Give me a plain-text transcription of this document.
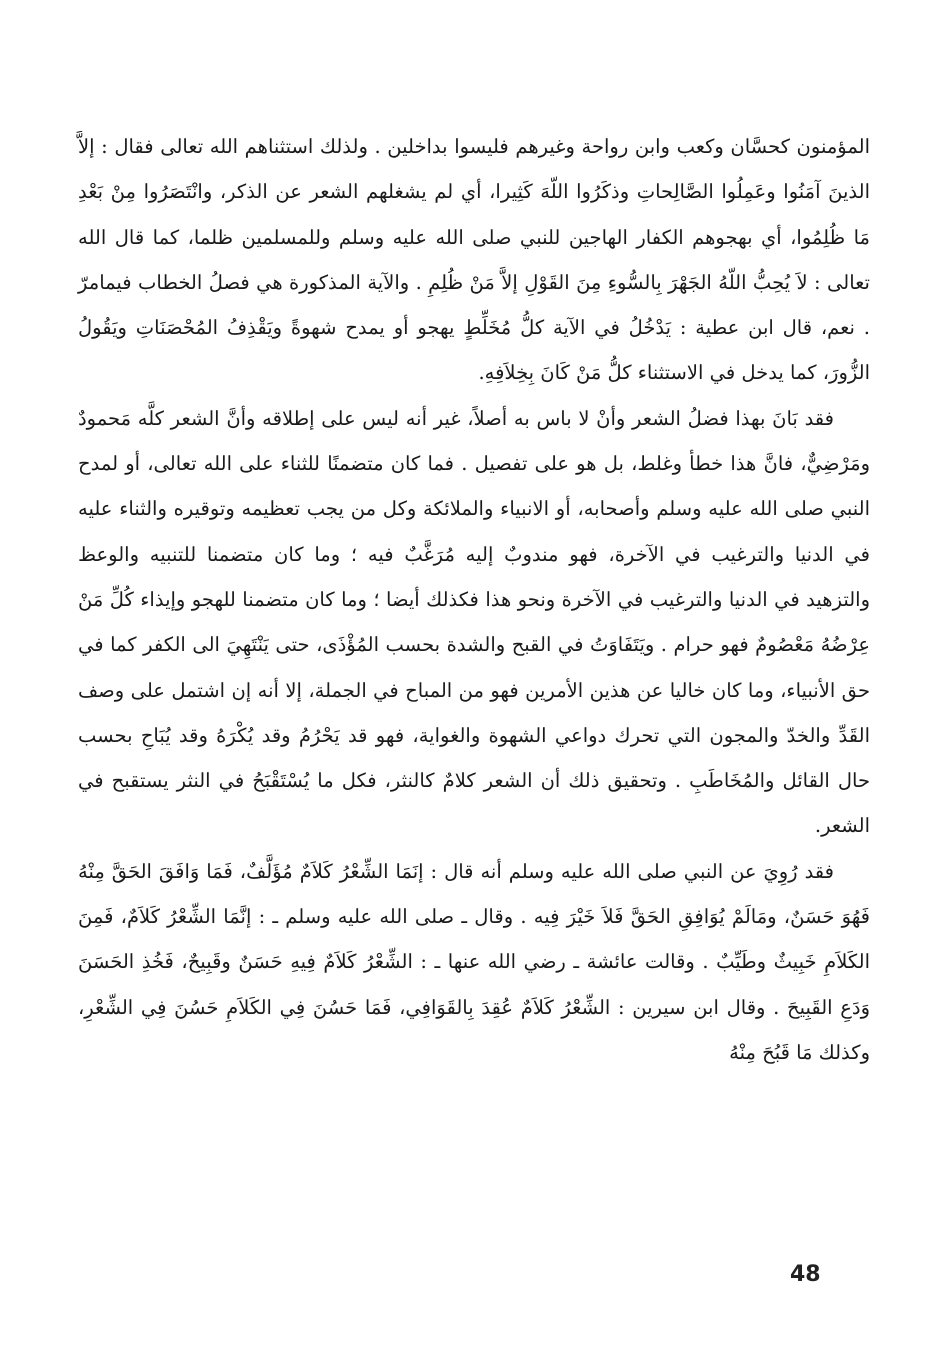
المؤمنون كحسَّان وكعب وابن رواحة وغيرهم فليسوا بداخلين . ولذلك استثناهم الله تعالى فقال : إلاَّ الذينَ آمَنُوا وعَمِلُوا الصَّالِحاتِ وذكَرُوا اللّهَ كَثِيرا، أي لم يشغلهم الشعر عن الذكر، وانْتَصَرُوا مِنْ بَعْدِ مَا ظُلِمُوا، أي بهجوهم الكفار الهاجين للنبي صلى الله عليه وسلم وللمسلمين ظلما، كما قال الله تعالى : لاَ يُحِبُّ اللّهُ الجَهْرَ بِالسُّوءِ مِنَ القَوْلِ إلاَّ مَنْ ظُلِمِ . والآية المذكورة هي فصلُ الخطاب فيمامرّ . نعم، قال ابن عطية : يَدْخُلُ في الآية كلُّ مُخَلِّطٍ يهجو أو يمدح شهوةً ويَقْذِفُ المُحْصَنَاتِ ويَقُولُ الزُّورَ، كما يدخل في الاستثناء كلُّ مَنْ كَانَ بِخِلاَفِهِ.

فقد بَانَ بهذا فضلُ الشعر وأنْ لا باس به أصلاً، غير أنه ليس على إطلاقه وأنَّ الشعر كلَّه مَحمودٌ ومَرْضِيٌّ، فانَّ هذا خطأ وغلط، بل هو على تفصيل . فما كان متضمنًا للثناء على الله تعالى، أو لمدح النبي صلى الله عليه وسلم وأصحابه، أو الانبياء والملائكة وكل من يجب تعظيمه وتوقيره والثناء عليه في الدنيا والترغيب في الآخرة، فهو مندوبٌ إليه مُرَغَّبٌ فيه ؛ وما كان متضمنا للتنبيه والوعظ والتزهيد في الدنيا والترغيب في الآخرة ونحو هذا فكذلك أيضا ؛ وما كان متضمنا للهجو وإيذاء كُلِّ مَنْ عِرْضُهُ مَعْصُومٌ فهو حرام . ويَتَفَاوَتُ في القبح والشدة بحسب المُؤْذَى، حتى يَنْتَهِيَ الى الكفر كما في حق الأنبياء، وما كان خاليا عن هذين الأمرين فهو من المباح في الجملة، إلا أنه إن اشتمل على وصف القَدِّ والخدّ والمجون التي تحرك دواعي الشهوة والغواية، فهو قد يَحْرُمُ وقد يُكْرَهُ وقد يُبَاحِ بحسب حال القائل والمُخَاطَبِ . وتحقيق ذلك أن الشعر كلامٌ كالنثر، فكل ما يُسْتَقْبَحُ في النثر يستقبح في الشعر.

فقد رُوِيَ عن النبي صلى الله عليه وسلم أنه قال : إنَمَا الشِّعْرُ كَلاَمٌ مُؤَلَّفٌ، فَمَا وَافَقَ الحَقَّ مِنْهُ فَهُوَ حَسَنٌ، ومَالَمْ يُوَافِقِ الحَقَّ فَلاَ خَيْرَ فِيه . وقال ـ صلى الله عليه وسلم ـ : إنَّمَا الشِّعْرُ كَلاَمٌ، فَمِنَ الكَلاَمِ خَبِيثٌ وطَيِّبٌ . وقالت عائشة ـ رضي الله عنها ـ : الشِّعْرُ كَلاَمٌ فِيهِ حَسَنٌ وقَبِيحٌ، فَخُذِ الحَسَنَ وَدَعِ القَبِيحَ . وقال ابن سيرين : الشِّعْرُ كَلاَمٌ عُقِدَ بِالقَوَافِي، فَمَا حَسُنَ فِي الكَلاَمِ حَسُنَ فِي الشِّعْرِ، وكذلك مَا قَبُحَ مِنْهُ

48
